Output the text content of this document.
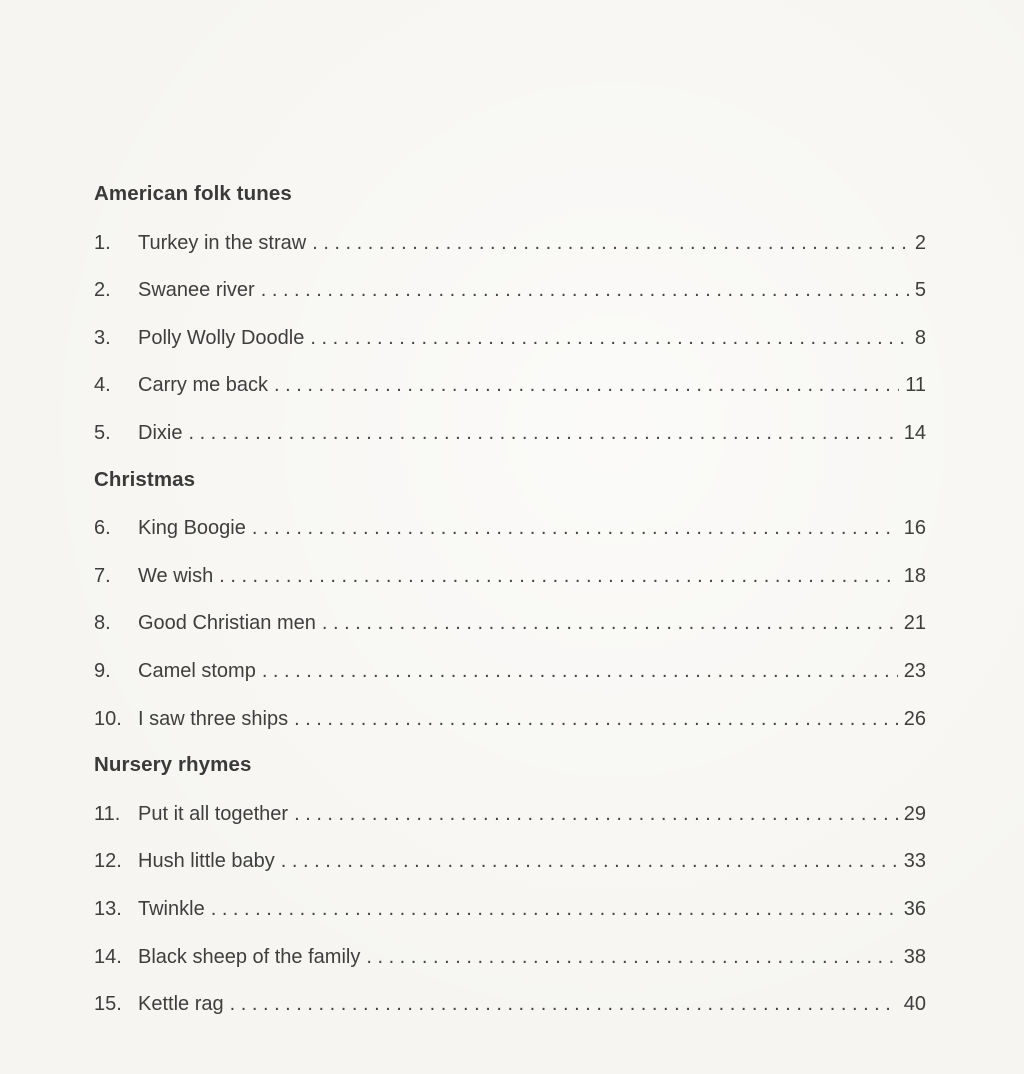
American folk tunes
1.	Turkey in the straw . . .	2
2.	Swanee river . . .	5
3.	Polly Wolly Doodle . . .	8
4.	Carry me back . . .	11
5.	Dixie . . .	14
Christmas
6.	King Boogie . . .	16
7.	We wish . . .	18
8.	Good Christian men . . .	21
9.	Camel stomp . . .	23
10. I saw three ships . . .	26
Nursery rhymes
11. Put it all together . . .	29
12. Hush little baby . . .	33
13. Twinkle . . .	36
14. Black sheep of the family . . .	38
15. Kettle rag . . .	40
